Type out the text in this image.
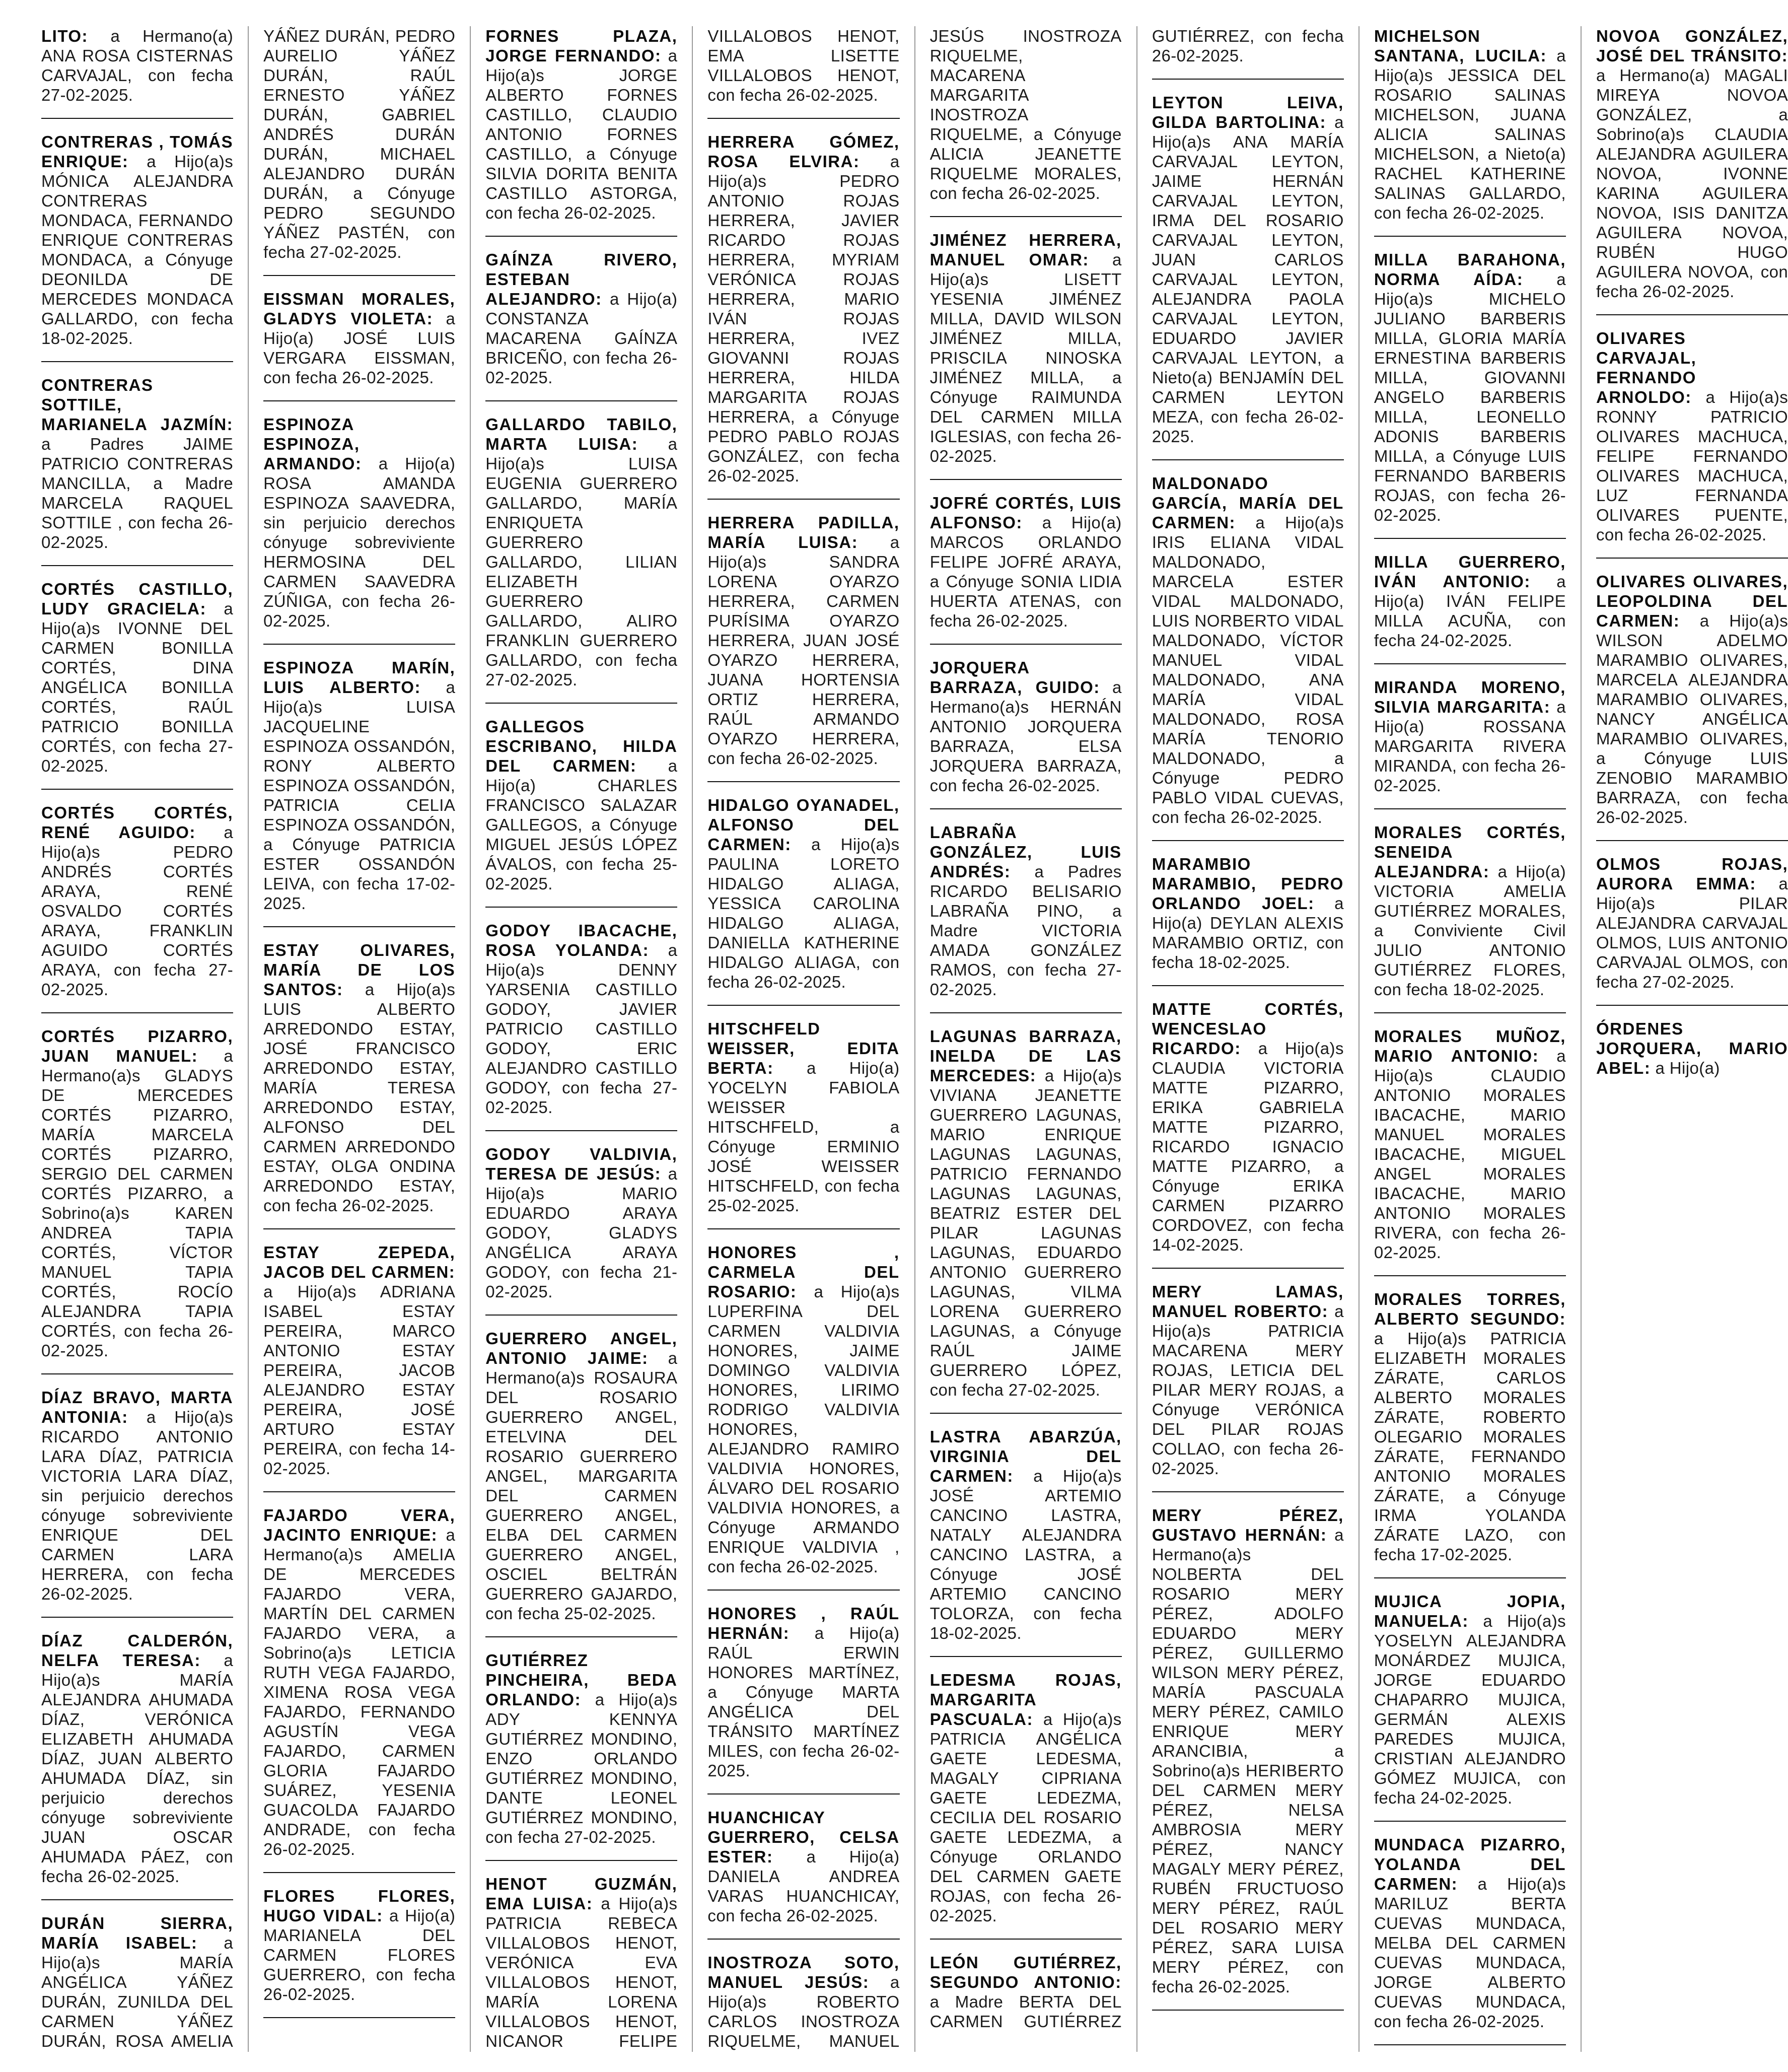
LITO: a Hermano(a) ANA ROSA CISTERNAS CARVAJAL, con fecha 27-02-2025.

CONTRERAS , TOMÁS ENRIQUE: a Hijo(a)s MÓNICA ALEJANDRA CONTRERAS MONDACA, FERNANDO ENRIQUE CONTRERAS MONDACA, a Cónyuge DEONILDA DE MERCEDES MONDACA GALLARDO, con fecha 18-02-2025.

CONTRERAS SOTTILE, MARIANELA JAZMÍN: a Padres JAIME PATRICIO CONTRERAS MANCILLA, a Madre MARCELA RAQUEL SOTTILE , con fecha 26-02-2025.

CORTÉS CASTILLO, LUDY GRACIELA: a Hijo(a)s IVONNE DEL CARMEN BONILLA CORTÉS, DINA ANGÉLICA BONILLA CORTÉS, RAÚL PATRICIO BONILLA CORTÉS, con fecha 27-02-2025.

CORTÉS CORTÉS, RENÉ AGUIDO: a Hijo(a)s PEDRO ANDRÉS CORTÉS ARAYA, RENÉ OSVALDO CORTÉS ARAYA, FRANKLIN AGUIDO CORTÉS ARAYA, con fecha 27-02-2025.

CORTÉS PIZARRO, JUAN MANUEL: a Hermano(a)s GLADYS DE MERCEDES CORTÉS PIZARRO, MARÍA MARCELA CORTÉS PIZARRO, SERGIO DEL CARMEN CORTÉS PIZARRO, a Sobrino(a)s KAREN ANDREA TAPIA CORTÉS, VÍCTOR MANUEL TAPIA CORTÉS, ROCÍO ALEJANDRA TAPIA CORTÉS, con fecha 26-02-2025.

DÍAZ BRAVO, MARTA ANTONIA: a Hijo(a)s RICARDO ANTONIO LARA DÍAZ, PATRICIA VICTORIA LARA DÍAZ, sin perjuicio derechos cónyuge sobreviviente ENRIQUE DEL CARMEN LARA HERRERA, con fecha 26-02-2025.

DÍAZ CALDERÓN, NELFA TERESA: a Hijo(a)s MARÍA ALEJANDRA AHUMADA DÍAZ, VERÓNICA ELIZABETH AHUMADA DÍAZ, JUAN ALBERTO AHUMADA DÍAZ, sin perjuicio derechos cónyuge sobreviviente JUAN OSCAR AHUMADA PÁEZ, con fecha 26-02-2025.

DURÁN SIERRA, MARÍA ISABEL: a Hijo(a)s MARÍA ANGÉLICA YÁÑEZ DURÁN, ZUNILDA DEL CARMEN YÁÑEZ DURÁN, ROSA AMELIA YÁÑEZ DURÁN, PEDRO AURELIO YÁÑEZ DURÁN, RAÚL ERNESTO YÁÑEZ DURÁN, GABRIEL ANDRÉS DURÁN DURÁN, MICHAEL ALEJANDRO DURÁN DURÁN, a Cónyuge PEDRO SEGUNDO YÁÑEZ PASTÉN, con fecha 27-02-2025.

EISSMAN MORALES, GLADYS VIOLETA: a Hijo(a) JOSÉ LUIS VERGARA EISSMAN, con fecha 26-02-2025.

ESPINOZA ESPINOZA, ARMANDO: a Hijo(a) ROSA AMANDA ESPINOZA SAAVEDRA, sin perjuicio derechos cónyuge sobreviviente HERMOSINA DEL CARMEN SAAVEDRA ZÚÑIGA, con fecha 26-02-2025.

ESPINOZA MARÍN, LUIS ALBERTO: a Hijo(a)s LUISA JACQUELINE ESPINOZA OSSANDÓN, RONY ALBERTO ESPINOZA OSSANDÓN, PATRICIA CELIA ESPINOZA OSSANDÓN, a Cónyuge PATRICIA ESTER OSSANDÓN LEIVA, con fecha 17-02-2025.

ESTAY OLIVARES, MARÍA DE LOS SANTOS: a Hijo(a)s LUIS ALBERTO ARREDONDO ESTAY, JOSÉ FRANCISCO ARREDONDO ESTAY, MARÍA TERESA ARREDONDO ESTAY, ALFONSO DEL CARMEN ARREDONDO ESTAY, OLGA ONDINA ARREDONDO ESTAY, con fecha 26-02-2025.

ESTAY ZEPEDA, JACOB DEL CARMEN: a Hijo(a)s ADRIANA ISABEL ESTAY PEREIRA, MARCO ANTONIO ESTAY PEREIRA, JACOB ALEJANDRO ESTAY PEREIRA, JOSÉ ARTURO ESTAY PEREIRA, con fecha 14-02-2025.

FAJARDO VERA, JACINTO ENRIQUE: a Hermano(a)s AMELIA DE MERCEDES FAJARDO VERA, MARTÍN DEL CARMEN FAJARDO VERA, a Sobrino(a)s LETICIA RUTH VEGA FAJARDO, XIMENA ROSA VEGA FAJARDO, FERNANDO AGUSTÍN VEGA FAJARDO, CARMEN GLORIA FAJARDO SUÁREZ, YESENIA GUACOLDA FAJARDO ANDRADE, con fecha 26-02-2025.

FLORES FLORES, HUGO VIDAL: a Hijo(a) MARIANELA DEL CARMEN FLORES GUERRERO, con fecha 26-02-2025.

FORNES PLAZA, JORGE FERNANDO: a Hijo(a)s JORGE ALBERTO FORNES CASTILLO, CLAUDIO ANTONIO FORNES CASTILLO, a Cónyuge SILVIA DORITA BENITA CASTILLO ASTORGA, con fecha 26-02-2025.

GAÍNZA RIVERO, ESTEBAN ALEJANDRO: a Hijo(a) CONSTANZA MACARENA GAÍNZA BRICEÑO, con fecha 26-02-2025.

GALLARDO TABILO, MARTA LUISA: a Hijo(a)s LUISA EUGENIA GUERRERO GALLARDO, MARÍA ENRIQUETA GUERRERO GALLARDO, LILIAN ELIZABETH GUERRERO GALLARDO, ALIRO FRANKLIN GUERRERO GALLARDO, con fecha 27-02-2025.

GALLEGOS ESCRIBANO, HILDA DEL CARMEN: a Hijo(a) CHARLES FRANCISCO SALAZAR GALLEGOS, a Cónyuge MIGUEL JESÚS LÓPEZ ÁVALOS, con fecha 25-02-2025.

GODOY IBACACHE, ROSA YOLANDA: a Hijo(a)s DENNY YARSENIA CASTILLO GODOY, JAVIER PATRICIO CASTILLO GODOY, ERIC ALEJANDRO CASTILLO GODOY, con fecha 27-02-2025.

GODOY VALDIVIA, TERESA DE JESÚS: a Hijo(a)s MARIO EDUARDO ARAYA GODOY, GLADYS ANGÉLICA ARAYA GODOY, con fecha 21-02-2025.

GUERRERO ANGEL, ANTONIO JAIME: a Hermano(a)s ROSAURA DEL ROSARIO GUERRERO ANGEL, ETELVINA DEL ROSARIO GUERRERO ANGEL, MARGARITA DEL CARMEN GUERRERO ANGEL, ELBA DEL CARMEN GUERRERO ANGEL, OSCIEL BELTRÁN GUERRERO GAJARDO, con fecha 25-02-2025.

GUTIÉRREZ PINCHEIRA, BEDA ORLANDO: a Hijo(a)s ADY KENNYA GUTIÉRREZ MONDINO, ENZO ORLANDO GUTIÉRREZ MONDINO, DANTE LEONEL GUTIÉRREZ MONDINO, con fecha 27-02-2025.

HENOT GUZMÁN, EMA LUISA: a Hijo(a)s PATRICIA REBECA VILLALOBOS HENOT, VERÓNICA EVA VILLALOBOS HENOT, MARÍA LORENA VILLALOBOS HENOT, NICANOR FELIPE VILLALOBOS HENOT, EMA LISETTE VILLALOBOS HENOT, con fecha 26-02-2025.

HERRERA GÓMEZ, ROSA ELVIRA: a Hijo(a)s PEDRO ANTONIO ROJAS HERRERA, JAVIER RICARDO ROJAS HERRERA, MYRIAM VERÓNICA ROJAS HERRERA, MARIO IVÁN ROJAS HERRERA, IVEZ GIOVANNI ROJAS HERRERA, HILDA MARGARITA ROJAS HERRERA, a Cónyuge PEDRO PABLO ROJAS GONZÁLEZ, con fecha 26-02-2025.

HERRERA PADILLA, MARÍA LUISA: a Hijo(a)s SANDRA LORENA OYARZO HERRERA, CARMEN PURÍSIMA OYARZO HERRERA, JUAN JOSÉ OYARZO HERRERA, JUANA HORTENSIA ORTIZ HERRERA, RAÚL ARMANDO OYARZO HERRERA, con fecha 26-02-2025.

HIDALGO OYANADEL, ALFONSO DEL CARMEN: a Hijo(a)s PAULINA LORETO HIDALGO ALIAGA, YESSICA CAROLINA HIDALGO ALIAGA, DANIELLA KATHERINE HIDALGO ALIAGA, con fecha 26-02-2025.

HITSCHFELD WEISSER, EDITA BERTA: a Hijo(a) YOCELYN FABIOLA WEISSER HITSCHFELD, a Cónyuge ERMINIO JOSÉ WEISSER HITSCHFELD, con fecha 25-02-2025.

HONORES , CARMELA DEL ROSARIO: a Hijo(a)s LUPERFINA DEL CARMEN VALDIVIA HONORES, JAIME DOMINGO VALDIVIA HONORES, LIRIMO RODRIGO VALDIVIA HONORES, ALEJANDRO RAMIRO VALDIVIA HONORES, ÁLVARO DEL ROSARIO VALDIVIA HONORES, a Cónyuge ARMANDO ENRIQUE VALDIVIA , con fecha 26-02-2025.

HONORES , RAÚL HERNÁN: a Hijo(a) RAÚL ERWIN HONORES MARTÍNEZ, a Cónyuge MARTA ANGÉLICA DEL TRÁNSITO MARTÍNEZ MILES, con fecha 26-02-2025.

HUANCHICAY GUERRERO, CELSA ESTER: a Hijo(a) DANIELA ANDREA VARAS HUANCHICAY, con fecha 26-02-2025.

INOSTROZA SOTO, MANUEL JESÚS: a Hijo(a)s ROBERTO CARLOS INOSTROZA RIQUELME, MANUEL JESÚS INOSTROZA RIQUELME, MACARENA MARGARITA INOSTROZA RIQUELME, a Cónyuge ALICIA JEANETTE RIQUELME MORALES, con fecha 26-02-2025.

JIMÉNEZ HERRERA, MANUEL OMAR: a Hijo(a)s LISETT YESENIA JIMÉNEZ MILLA, DAVID WILSON JIMÉNEZ MILLA, PRISCILA NINOSKA JIMÉNEZ MILLA, a Cónyuge RAIMUNDA DEL CARMEN MILLA IGLESIAS, con fecha 26-02-2025.

JOFRÉ CORTÉS, LUIS ALFONSO: a Hijo(a) MARCOS ORLANDO FELIPE JOFRÉ ARAYA, a Cónyuge SONIA LIDIA HUERTA ATENAS, con fecha 26-02-2025.

JORQUERA BARRAZA, GUIDO: a Hermano(a)s HERNÁN ANTONIO JORQUERA BARRAZA, ELSA JORQUERA BARRAZA, con fecha 26-02-2025.

LABRAÑA GONZÁLEZ, LUIS ANDRÉS: a Padres RICARDO BELISARIO LABRAÑA PINO, a Madre VICTORIA AMADA GONZÁLEZ RAMOS, con fecha 27-02-2025.

LAGUNAS BARRAZA, INELDA DE LAS MERCEDES: a Hijo(a)s VIVIANA JEANETTE GUERRERO LAGUNAS, MARIO ENRIQUE LAGUNAS LAGUNAS, PATRICIO FERNANDO LAGUNAS LAGUNAS, BEATRIZ ESTER DEL PILAR LAGUNAS LAGUNAS, EDUARDO ANTONIO GUERRERO LAGUNAS, VILMA LORENA GUERRERO LAGUNAS, a Cónyuge RAÚL JAIME GUERRERO LÓPEZ, con fecha 27-02-2025.

LASTRA ABARZÚA, VIRGINIA DEL CARMEN: a Hijo(a)s JOSÉ ARTEMIO CANCINO LASTRA, NATALY ALEJANDRA CANCINO LASTRA, a Cónyuge JOSÉ ARTEMIO CANCINO TOLORZA, con fecha 18-02-2025.

LEDESMA ROJAS, MARGARITA PASCUALA: a Hijo(a)s PATRICIA ANGÉLICA GAETE LEDESMA, MAGALY CIPRIANA GAETE LEDEZMA, CECILIA DEL ROSARIO GAETE LEDEZMA, a Cónyuge ORLANDO DEL CARMEN GAETE ROJAS, con fecha 26-02-2025.

LEÓN GUTIÉRREZ, SEGUNDO ANTONIO: a Madre BERTA DEL CARMEN GUTIÉRREZ GUTIÉRREZ, con fecha 26-02-2025.

LEYTON LEIVA, GILDA BARTOLINA: a Hijo(a)s ANA MARÍA CARVAJAL LEYTON, JAIME HERNÁN CARVAJAL LEYTON, IRMA DEL ROSARIO CARVAJAL LEYTON, JUAN CARLOS CARVAJAL LEYTON, ALEJANDRA PAOLA CARVAJAL LEYTON, EDUARDO JAVIER CARVAJAL LEYTON, a Nieto(a) BENJAMÍN DEL CARMEN LEYTON MEZA, con fecha 26-02-2025.

MALDONADO GARCÍA, MARÍA DEL CARMEN: a Hijo(a)s IRIS ELIANA VIDAL MALDONADO, MARCELA ESTER VIDAL MALDONADO, LUIS NORBERTO VIDAL MALDONADO, VÍCTOR MANUEL VIDAL MALDONADO, ANA MARÍA VIDAL MALDONADO, ROSA MARÍA TENORIO MALDONADO, a Cónyuge PEDRO PABLO VIDAL CUEVAS, con fecha 26-02-2025.

MARAMBIO MARAMBIO, PEDRO ORLANDO JOEL: a Hijo(a) DEYLAN ALEXIS MARAMBIO ORTIZ, con fecha 18-02-2025.

MATTE CORTÉS, WENCESLAO RICARDO: a Hijo(a)s CLAUDIA VICTORIA MATTE PIZARRO, ERIKA GABRIELA MATTE PIZARRO, RICARDO IGNACIO MATTE PIZARRO, a Cónyuge ERIKA CARMEN PIZARRO CORDOVEZ, con fecha 14-02-2025.

MERY LAMAS, MANUEL ROBERTO: a Hijo(a)s PATRICIA MACARENA MERY ROJAS, LETICIA DEL PILAR MERY ROJAS, a Cónyuge VERÓNICA DEL PILAR ROJAS COLLAO, con fecha 26-02-2025.

MERY PÉREZ, GUSTAVO HERNÁN: a Hermano(a)s NOLBERTA DEL ROSARIO MERY PÉREZ, ADOLFO EDUARDO MERY PÉREZ, GUILLERMO WILSON MERY PÉREZ, MARÍA PASCUALA MERY PÉREZ, CAMILO ENRIQUE MERY ARANCIBIA, a Sobrino(a)s HERIBERTO DEL CARMEN MERY PÉREZ, NELSA AMBROSIA MERY PÉREZ, NANCY MAGALY MERY PÉREZ, RUBÉN FRUCTUOSO MERY PÉREZ, RAÚL DEL ROSARIO MERY PÉREZ, SARA LUISA MERY PÉREZ, con fecha 26-02-2025.

MICHELSON SANTANA, LUCILA: a Hijo(a)s JESSICA DEL ROSARIO SALINAS MICHELSON, JUANA ALICIA SALINAS MICHELSON, a Nieto(a) RACHEL KATHERINE SALINAS GALLARDO, con fecha 26-02-2025.

MILLA BARAHONA, NORMA AÍDA: a Hijo(a)s MICHELO JULIANO BARBERIS MILLA, GLORIA MARÍA ERNESTINA BARBERIS MILLA, GIOVANNI ANGELO BARBERIS MILLA, LEONELLO ADONIS BARBERIS MILLA, a Cónyuge LUIS FERNANDO BARBERIS ROJAS, con fecha 26-02-2025.

MILLA GUERRERO, IVÁN ANTONIO: a Hijo(a) IVÁN FELIPE MILLA ACUÑA, con fecha 24-02-2025.

MIRANDA MORENO, SILVIA MARGARITA: a Hijo(a) ROSSANA MARGARITA RIVERA MIRANDA, con fecha 26-02-2025.

MORALES CORTÉS, SENEIDA ALEJANDRA: a Hijo(a) VICTORIA AMELIA GUTIÉRREZ MORALES, a Conviviente Civil JULIO ANTONIO GUTIÉRREZ FLORES, con fecha 18-02-2025.

MORALES MUÑOZ, MARIO ANTONIO: a Hijo(a)s CLAUDIO ANTONIO MORALES IBACACHE, MARIO MANUEL MORALES IBACACHE, MIGUEL ANGEL MORALES IBACACHE, MARIO ANTONIO MORALES RIVERA, con fecha 26-02-2025.

MORALES TORRES, ALBERTO SEGUNDO: a Hijo(a)s PATRICIA ELIZABETH MORALES ZÁRATE, CARLOS ALBERTO MORALES ZÁRATE, ROBERTO OLEGARIO MORALES ZÁRATE, FERNANDO ANTONIO MORALES ZÁRATE, a Cónyuge IRMA YOLANDA ZÁRATE LAZO, con fecha 17-02-2025.

MUJICA JOPIA, MANUELA: a Hijo(a)s YOSELYN ALEJANDRA MONÁRDEZ MUJICA, JORGE EDUARDO CHAPARRO MUJICA, GERMÁN ALEXIS PAREDES MUJICA, CRISTIAN ALEJANDRO GÓMEZ MUJICA, con fecha 24-02-2025.

MUNDACA PIZARRO, YOLANDA DEL CARMEN: a Hijo(a)s MARILUZ BERTA CUEVAS MUNDACA, MELBA DEL CARMEN CUEVAS MUNDACA, JORGE ALBERTO CUEVAS MUNDACA, con fecha 26-02-2025.

NOVOA GONZÁLEZ, JOSÉ DEL TRÁNSITO: a Hermano(a) MAGALI MIREYA NOVOA GONZÁLEZ, a Sobrino(a)s CLAUDIA ALEJANDRA AGUILERA NOVOA, IVONNE KARINA AGUILERA NOVOA, ISIS DANITZA AGUILERA NOVOA, RUBÉN HUGO AGUILERA NOVOA, con fecha 26-02-2025.

OLIVARES CARVAJAL, FERNANDO ARNOLDO: a Hijo(a)s RONNY PATRICIO OLIVARES MACHUCA, FELIPE FERNANDO OLIVARES MACHUCA, LUZ FERNANDA OLIVARES PUENTE, con fecha 26-02-2025.

OLIVARES OLIVARES, LEOPOLDINA DEL CARMEN: a Hijo(a)s WILSON ADELMO MARAMBIO OLIVARES, MARCELA ALEJANDRA MARAMBIO OLIVARES, NANCY ANGÉLICA MARAMBIO OLIVARES, a Cónyuge LUIS ZENOBIO MARAMBIO BARRAZA, con fecha 26-02-2025.

OLMOS ROJAS, AURORA EMMA: a Hijo(a)s PILAR ALEJANDRA CARVAJAL OLMOS, LUIS ANTONIO CARVAJAL OLMOS, con fecha 27-02-2025.

ÓRDENES JORQUERA, MARIO ABEL: a Hijo(a)
